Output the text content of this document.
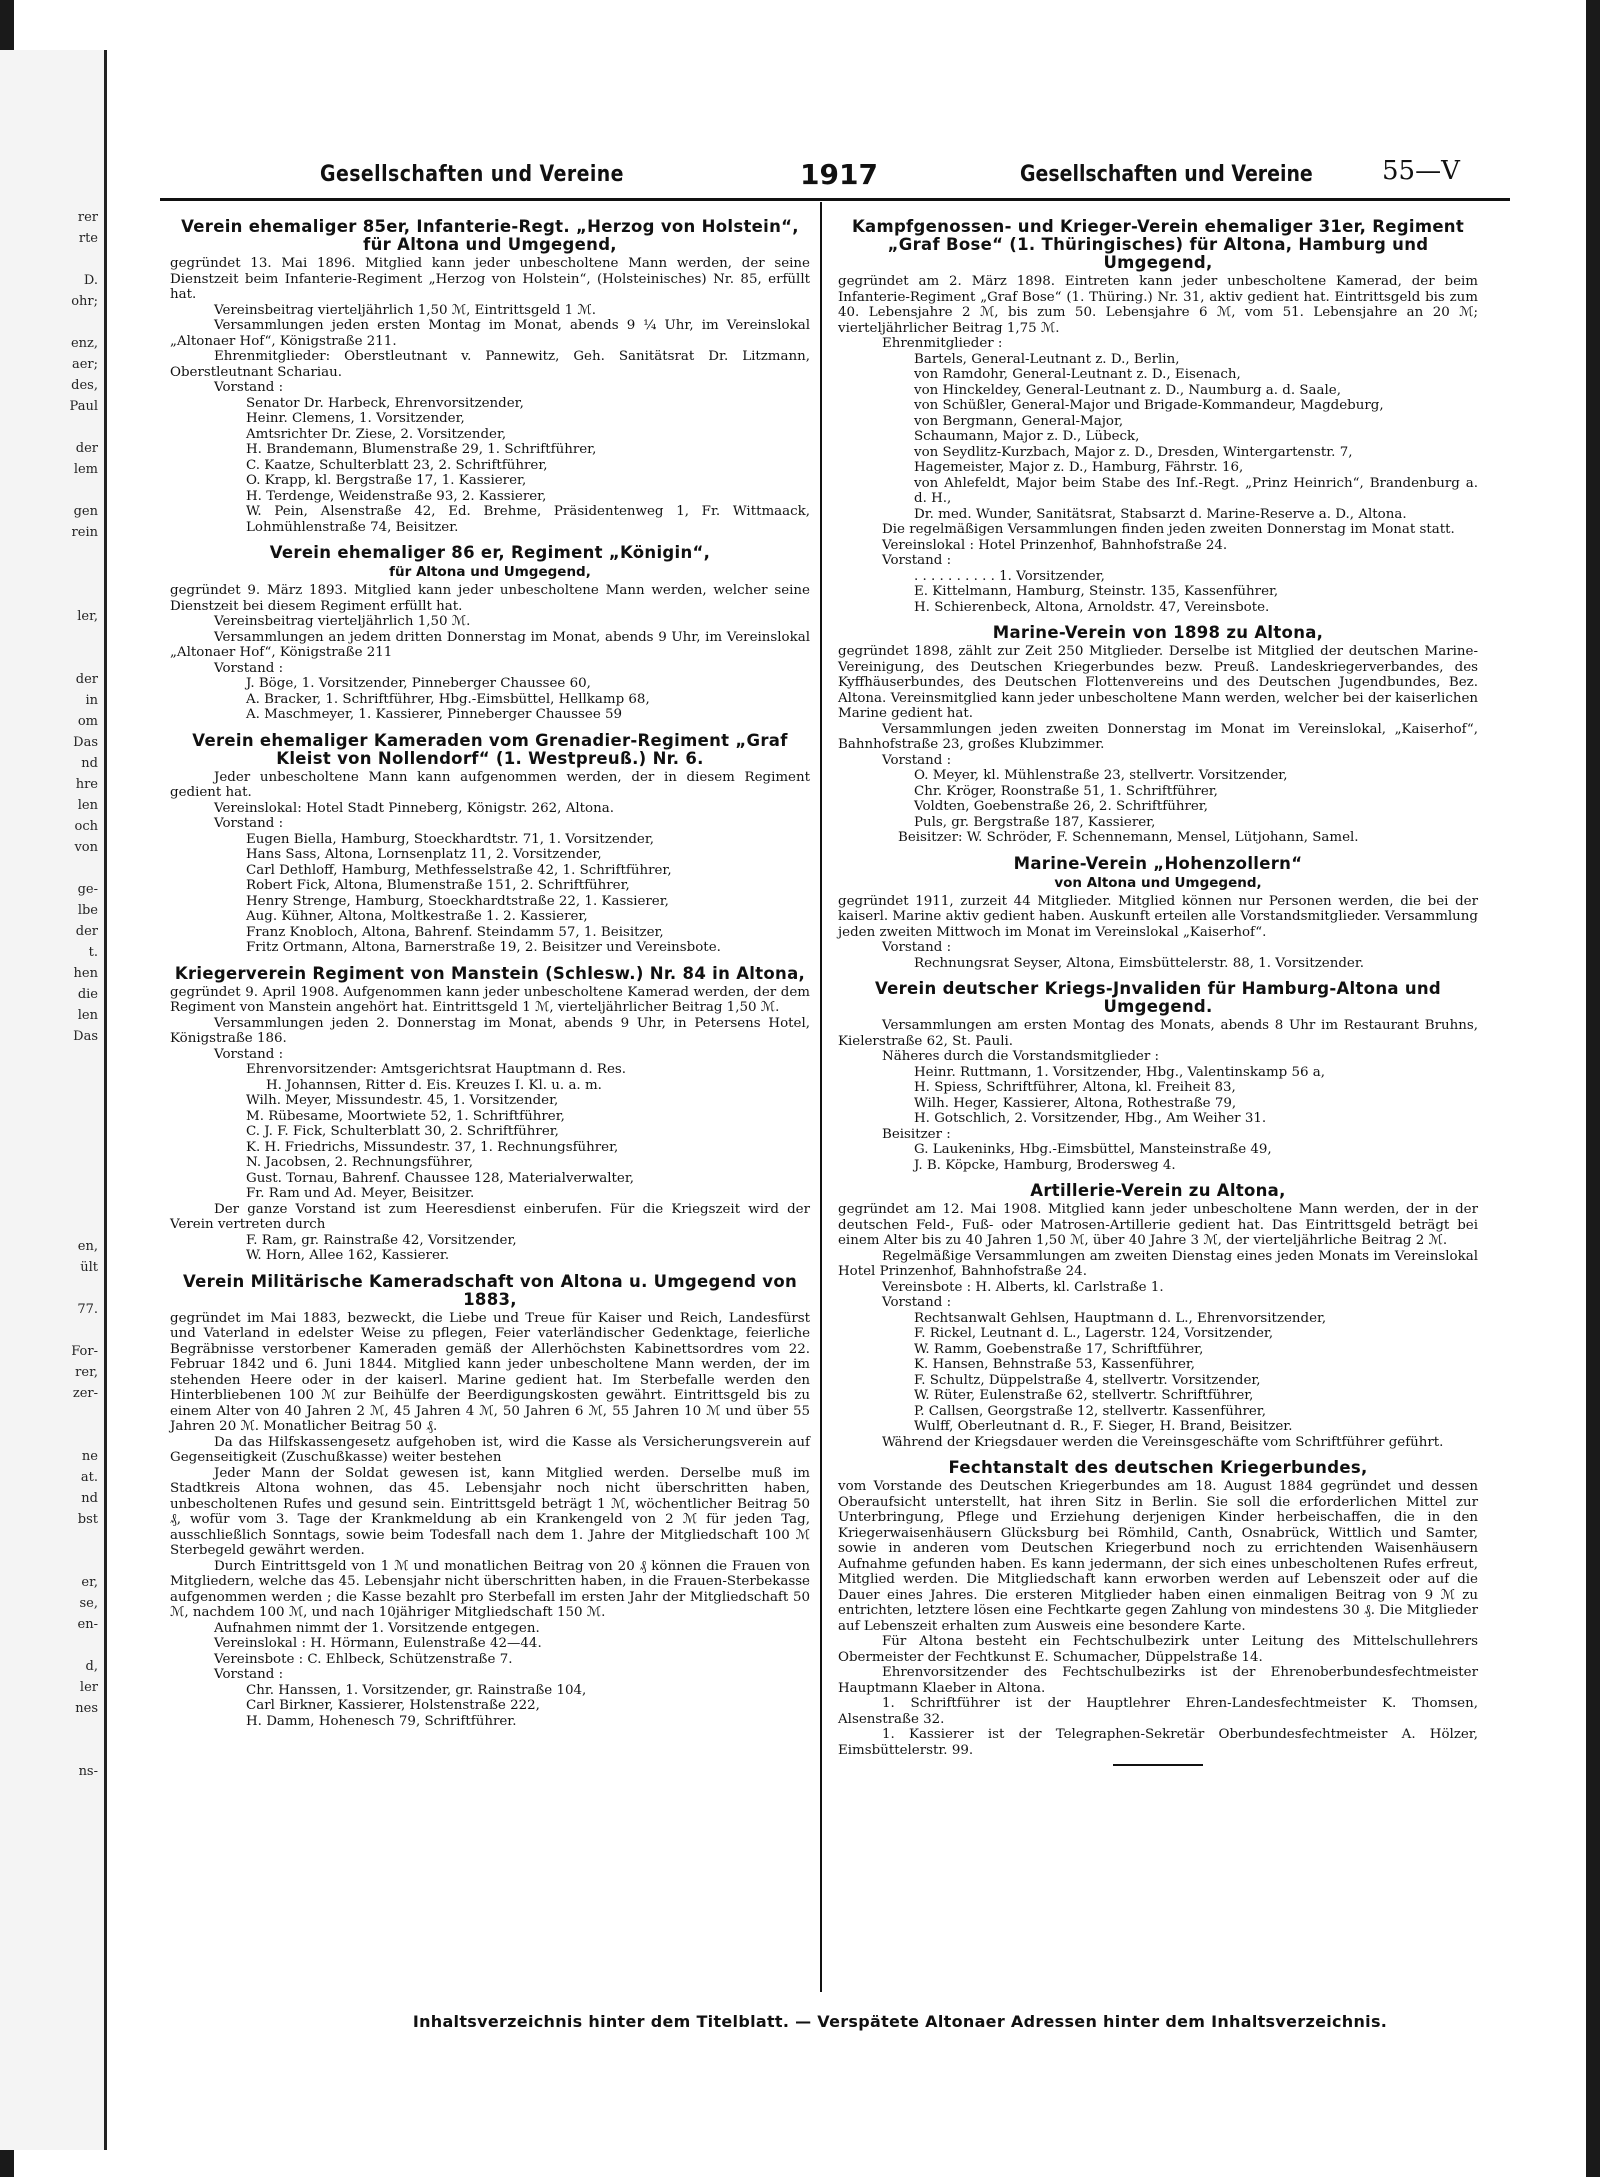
rer
rte
D.
ohr;
enz,
aer;
des,
Paul
der
lem
gen
rein
ler,
der
in
om
Das
nd
hre
len
och
von
ge-
lbe
der
t.
hen
die
len
Das
en,
ült
77.
For-
rer,
zer-
ne
at.
nd
bst
er,
se,
en-
d,
ler
nes
ns-
Gesellschaften und Vereine	1917	Gesellschaften und Vereine	55—V
Verein ehemaliger 85er, Infanterie-Regt. „Herzog von Holstein“, für Altona und Umgegend,

gegründet 13. Mai 1896. Mitglied kann jeder unbescholtene Mann werden, der seine Dienstzeit beim Infanterie-Regiment „Herzog von Holstein“, (Holsteinisches) Nr. 85, erfüllt hat.

Vereinsbeitrag vierteljährlich 1,50 ℳ, Eintrittsgeld 1 ℳ.

Versammlungen jeden ersten Montag im Monat, abends 9 ¼ Uhr, im Vereinslokal „Altonaer Hof“, Königstraße 211.

Ehrenmitglieder: Oberstleutnant v. Pannewitz, Geh. Sanitätsrat Dr. Litzmann, Oberstleutnant Schariau.

Vorstand :

Senator Dr. Harbeck, Ehrenvorsitzender,

Heinr. Clemens, 1. Vorsitzender,

Amtsrichter Dr. Ziese, 2. Vorsitzender,

H. Brandemann, Blumenstraße 29, 1. Schriftführer,

C. Kaatze, Schulterblatt 23, 2. Schriftführer,

O. Krapp, kl. Bergstraße 17, 1. Kassierer,

H. Terdenge, Weidenstraße 93, 2. Kassierer,

W. Pein, Alsenstraße 42, Ed. Brehme, Präsidentenweg 1, Fr. Wittmaack, Lohmühlenstraße 74, Beisitzer.

Verein ehemaliger 86 er, Regiment „Königin“,
für Altona und Umgegend,

gegründet 9. März 1893. Mitglied kann jeder unbescholtene Mann werden, welcher seine Dienstzeit bei diesem Regiment erfüllt hat.

Vereinsbeitrag vierteljährlich 1,50 ℳ.

Versammlungen an jedem dritten Donnerstag im Monat, abends 9 Uhr, im Vereinslokal „Altonaer Hof“, Königstraße 211

Vorstand :

J. Böge, 1. Vorsitzender, Pinneberger Chaussee 60,

A. Bracker, 1. Schriftführer, Hbg.-Eimsbüttel, Hellkamp 68,

A. Maschmeyer, 1. Kassierer, Pinneberger Chaussee 59

Verein ehemaliger Kameraden vom Grenadier-Regiment „Graf Kleist von Nollendorf“ (1. Westpreuß.) Nr. 6.

Jeder unbescholtene Mann kann aufgenommen werden, der in diesem Regiment gedient hat.

Vereinslokal: Hotel Stadt Pinneberg, Königstr. 262, Altona.

Vorstand :

Eugen Biella, Hamburg, Stoeckhardtstr. 71, 1. Vorsitzender,

Hans Sass, Altona, Lornsenplatz 11, 2. Vorsitzender,

Carl Dethloff, Hamburg, Methfesselstraße 42, 1. Schriftführer,

Robert Fick, Altona, Blumenstraße 151, 2. Schriftführer,

Henry Strenge, Hamburg, Stoeckhardtstraße 22, 1. Kassierer,

Aug. Kühner, Altona, Moltkestraße 1. 2. Kassierer,

Franz Knobloch, Altona, Bahrenf. Steindamm 57, 1. Beisitzer,

Fritz Ortmann, Altona, Barnerstraße 19, 2. Beisitzer und Vereinsbote.

Kriegerverein Regiment von Manstein (Schlesw.) Nr. 84 in Altona,

gegründet 9. April 1908. Aufgenommen kann jeder unbescholtene Kamerad werden, der dem Regiment von Manstein angehört hat. Eintrittsgeld 1 ℳ, vierteljährlicher Beitrag 1,50 ℳ.

Versammlungen jeden 2. Donnerstag im Monat, abends 9 Uhr, in Petersens Hotel, Königstraße 186.

Vorstand :

Ehrenvorsitzender: Amtsgerichtsrat Hauptmann d. Res.

H. Johannsen, Ritter d. Eis. Kreuzes I. Kl. u. a. m.

Wilh. Meyer, Missundestr. 45, 1. Vorsitzender,

M. Rübesame, Moortwiete 52, 1. Schriftführer,

C. J. F. Fick, Schulterblatt 30, 2. Schriftführer,

K. H. Friedrichs, Missundestr. 37, 1. Rechnungsführer,

N. Jacobsen, 2. Rechnungsführer,

Gust. Tornau, Bahrenf. Chaussee 128, Materialverwalter,

Fr. Ram und Ad. Meyer, Beisitzer.

Der ganze Vorstand ist zum Heeresdienst einberufen. Für die Kriegszeit wird der Verein vertreten durch

F. Ram, gr. Rainstraße 42, Vorsitzender,

W. Horn, Allee 162, Kassierer.

Verein Militärische Kameradschaft von Altona u. Umgegend von 1883,

gegründet im Mai 1883, bezweckt, die Liebe und Treue für Kaiser und Reich, Landesfürst und Vaterland in edelster Weise zu pflegen, Feier vaterländischer Gedenktage, feierliche Begräbnisse verstorbener Kameraden gemäß der Allerhöchsten Kabinettsordres vom 22. Februar 1842 und 6. Juni 1844. Mitglied kann jeder unbescholtene Mann werden, der im stehenden Heere oder in der kaiserl. Marine gedient hat. Im Sterbefalle werden den Hinterbliebenen 100 ℳ zur Beihülfe der Beerdigungskosten gewährt. Eintrittsgeld bis zu einem Alter von 40 Jahren 2 ℳ, 45 Jahren 4 ℳ, 50 Jahren 6 ℳ, 55 Jahren 10 ℳ und über 55 Jahren 20 ℳ. Monatlicher Beitrag 50 ₰.

Da das Hilfskassengesetz aufgehoben ist, wird die Kasse als Versicherungsverein auf Gegenseitigkeit (Zuschußkasse) weiter bestehen

Jeder Mann der Soldat gewesen ist, kann Mitglied werden. Derselbe muß im Stadtkreis Altona wohnen, das 45. Lebensjahr noch nicht überschritten haben, unbescholtenen Rufes und gesund sein. Eintrittsgeld beträgt 1 ℳ, wöchentlicher Beitrag 50 ₰, wofür vom 3. Tage der Krankmeldung ab ein Krankengeld von 2 ℳ für jeden Tag, ausschließlich Sonntags, sowie beim Todesfall nach dem 1. Jahre der Mitgliedschaft 100 ℳ Sterbegeld gewährt werden.

Durch Eintrittsgeld von 1 ℳ und monatlichen Beitrag von 20 ₰ können die Frauen von Mitgliedern, welche das 45. Lebensjahr nicht überschritten haben, in die Frauen-Sterbekasse aufgenommen werden ; die Kasse bezahlt pro Sterbefall im ersten Jahr der Mitgliedschaft 50 ℳ, nachdem 100 ℳ, und nach 10jähriger Mitgliedschaft 150 ℳ.

Aufnahmen nimmt der 1. Vorsitzende entgegen.

Vereinslokal : H. Hörmann, Eulenstraße 42—44.

Vereinsbote : C. Ehlbeck, Schützenstraße 7.

Vorstand :

Chr. Hanssen, 1. Vorsitzender, gr. Rainstraße 104,

Carl Birkner, Kassierer, Holstenstraße 222,

H. Damm, Hohenesch 79, Schriftführer.

Kampfgenossen- und Krieger-Verein ehemaliger 31er, Regiment „Graf Bose“ (1. Thüringisches) für Altona, Hamburg und Umgegend,

gegründet am 2. März 1898. Eintreten kann jeder unbescholtene Kamerad, der beim Infanterie-Regiment „Graf Bose“ (1. Thüring.) Nr. 31, aktiv gedient hat. Eintrittsgeld bis zum 40. Lebensjahre 2 ℳ, bis zum 50. Lebensjahre 6 ℳ, vom 51. Lebensjahre an 20 ℳ; vierteljährlicher Beitrag 1,75 ℳ.

Ehrenmitglieder :

Bartels, General-Leutnant z. D., Berlin,

von Ramdohr, General-Leutnant z. D., Eisenach,

von Hinckeldey, General-Leutnant z. D., Naumburg a. d. Saale,

von Schüßler, General-Major und Brigade-Kommandeur, Magdeburg,

von Bergmann, General-Major,

Schaumann, Major z. D., Lübeck,

von Seydlitz-Kurzbach, Major z. D., Dresden, Wintergartenstr. 7,

Hagemeister, Major z. D., Hamburg, Fährstr. 16,

von Ahlefeldt, Major beim Stabe des Inf.-Regt. „Prinz Heinrich“, Brandenburg a. d. H.,

Dr. med. Wunder, Sanitätsrat, Stabsarzt d. Marine-Reserve a. D., Altona.

Die regelmäßigen Versammlungen finden jeden zweiten Donnerstag im Monat statt.

Vereinslokal : Hotel Prinzenhof, Bahnhofstraße 24.

Vorstand :

. . . . . . . . . . 1. Vorsitzender,

E. Kittelmann, Hamburg, Steinstr. 135, Kassenführer,

H. Schierenbeck, Altona, Arnoldstr. 47, Vereinsbote.

Marine-Verein von 1898 zu Altona,

gegründet 1898, zählt zur Zeit 250 Mitglieder. Derselbe ist Mitglied der deutschen Marine-Vereinigung, des Deutschen Kriegerbundes bezw. Preuß. Landeskriegerverbandes, des Kyffhäuserbundes, des Deutschen Flottenvereins und des Deutschen Jugendbundes, Bez. Altona. Vereinsmitglied kann jeder unbescholtene Mann werden, welcher bei der kaiserlichen Marine gedient hat.

Versammlungen jeden zweiten Donnerstag im Monat im Vereinslokal, „Kaiserhof“, Bahnhofstraße 23, großes Klubzimmer.

Vorstand :

O. Meyer, kl. Mühlenstraße 23, stellvertr. Vorsitzender,

Chr. Kröger, Roonstraße 51, 1. Schriftführer,

Voldten, Goebenstraße 26, 2. Schriftführer,

Puls, gr. Bergstraße 187, Kassierer,

Beisitzer: W. Schröder, F. Schennemann, Mensel, Lütjohann, Samel.

Marine-Verein „Hohenzollern“
von Altona und Umgegend,

gegründet 1911, zurzeit 44 Mitglieder. Mitglied können nur Personen werden, die bei der kaiserl. Marine aktiv gedient haben. Auskunft erteilen alle Vorstandsmitglieder. Versammlung jeden zweiten Mittwoch im Monat im Vereinslokal „Kaiserhof“.

Vorstand :

Rechnungsrat Seyser, Altona, Eimsbüttelerstr. 88, 1. Vorsitzender.

Verein deutscher Kriegs-Jnvaliden für Hamburg-Altona und Umgegend.

Versammlungen am ersten Montag des Monats, abends 8 Uhr im Restaurant Bruhns, Kielerstraße 62, St. Pauli.

Näheres durch die Vorstandsmitglieder :

Heinr. Ruttmann, 1. Vorsitzender, Hbg., Valentinskamp 56 a,

H. Spiess, Schriftführer, Altona, kl. Freiheit 83,

Wilh. Heger, Kassierer, Altona, Rothestraße 79,

H. Gotschlich, 2. Vorsitzender, Hbg., Am Weiher 31.

Beisitzer :

G. Laukeninks, Hbg.-Eimsbüttel, Mansteinstraße 49,

J. B. Köpcke, Hamburg, Brodersweg 4.

Artillerie-Verein zu Altona,

gegründet am 12. Mai 1908. Mitglied kann jeder unbescholtene Mann werden, der in der deutschen Feld-, Fuß- oder Matrosen-Artillerie gedient hat. Das Eintrittsgeld beträgt bei einem Alter bis zu 40 Jahren 1,50 ℳ, über 40 Jahre 3 ℳ, der vierteljährliche Beitrag 2 ℳ.

Regelmäßige Versammlungen am zweiten Dienstag eines jeden Monats im Vereinslokal Hotel Prinzenhof, Bahnhofstraße 24.

Vereinsbote : H. Alberts, kl. Carlstraße 1.

Vorstand :

Rechtsanwalt Gehlsen, Hauptmann d. L., Ehrenvorsitzender,

F. Rickel, Leutnant d. L., Lagerstr. 124, Vorsitzender,

W. Ramm, Goebenstraße 17, Schriftführer,

K. Hansen, Behnstraße 53, Kassenführer,

F. Schultz, Düppelstraße 4, stellvertr. Vorsitzender,

W. Rüter, Eulenstraße 62, stellvertr. Schriftführer,

P. Callsen, Georgstraße 12, stellvertr. Kassenführer,

Wulff, Oberleutnant d. R., F. Sieger, H. Brand, Beisitzer.

Während der Kriegsdauer werden die Vereinsgeschäfte vom Schriftführer geführt.

Fechtanstalt des deutschen Kriegerbundes,

vom Vorstande des Deutschen Kriegerbundes am 18. August 1884 gegründet und dessen Oberaufsicht unterstellt, hat ihren Sitz in Berlin. Sie soll die erforderlichen Mittel zur Unterbringung, Pflege und Erziehung derjenigen Kinder herbeischaffen, die in den Kriegerwaisenhäusern Glücksburg bei Römhild, Canth, Osnabrück, Wittlich und Samter, sowie in anderen vom Deutschen Kriegerbund noch zu errichtenden Waisenhäusern Aufnahme gefunden haben. Es kann jedermann, der sich eines unbescholtenen Rufes erfreut, Mitglied werden. Die Mitgliedschaft kann erworben werden auf Lebenszeit oder auf die Dauer eines Jahres. Die ersteren Mitglieder haben einen einmaligen Beitrag von 9 ℳ zu entrichten, letztere lösen eine Fechtkarte gegen Zahlung von mindestens 30 ₰. Die Mitglieder auf Lebenszeit erhalten zum Ausweis eine besondere Karte.

Für Altona besteht ein Fechtschulbezirk unter Leitung des Mittelschullehrers Obermeister der Fechtkunst E. Schumacher, Düppelstraße 14.

Ehrenvorsitzender des Fechtschulbezirks ist der Ehrenoberbundesfechtmeister Hauptmann Klaeber in Altona.

1. Schriftführer ist der Hauptlehrer Ehren-Landesfechtmeister K. Thomsen, Alsenstraße 32.

1. Kassierer ist der Telegraphen-Sekretär Oberbundesfechtmeister A. Hölzer, Eimsbüttelerstr. 99.

Inhaltsverzeichnis hinter dem Titelblatt. — Verspätete Altonaer Adressen hinter dem Inhaltsverzeichnis.
